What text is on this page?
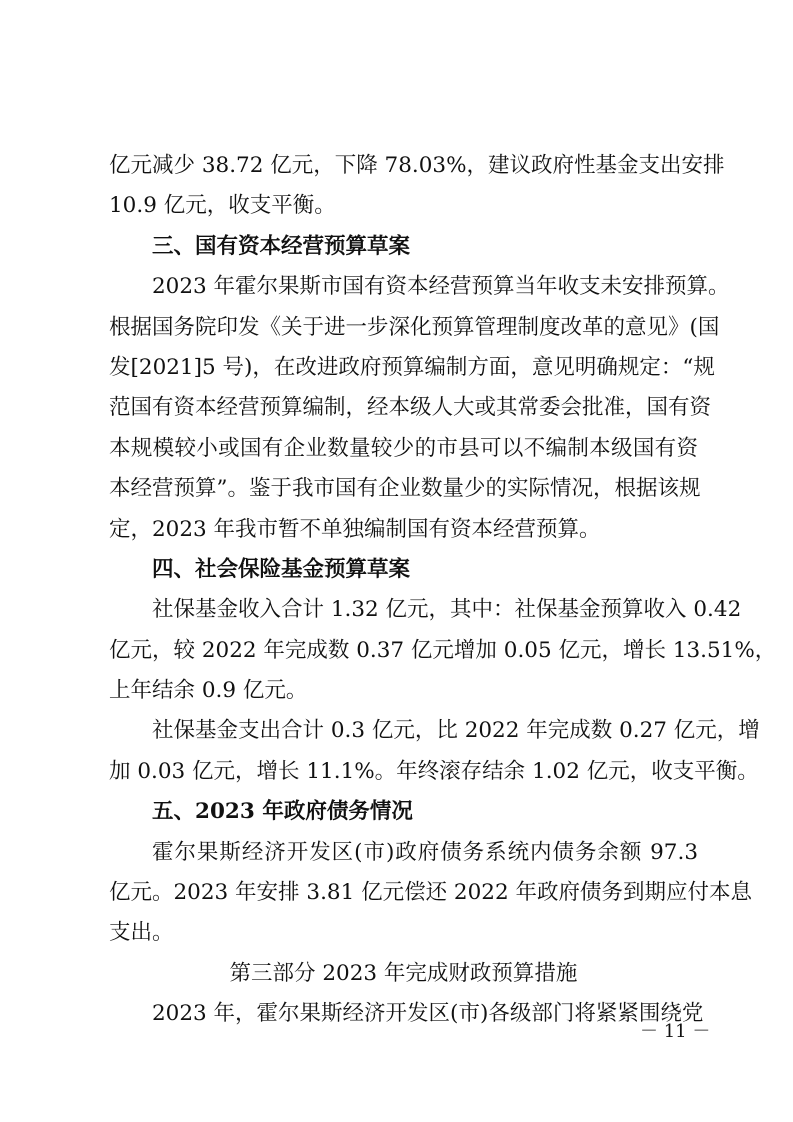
亿元减少 38.72 亿元，下降 78.03%，建议政府性基金支出安排
10.9 亿元，收支平衡。
三、国有资本经营预算草案
2023 年霍尔果斯市国有资本经营预算当年收支未安排预算。
根据国务院印发《关于进一步深化预算管理制度改革的意见》(国
发[2021]5 号)，在改进政府预算编制方面，意见明确规定：“规
范国有资本经营预算编制，经本级人大或其常委会批准，国有资
本规模较小或国有企业数量较少的市县可以不编制本级国有资
本经营预算”。鉴于我市国有企业数量少的实际情况，根据该规
定，2023 年我市暂不单独编制国有资本经营预算。
四、社会保险基金预算草案
社保基金收入合计 1.32 亿元，其中：社保基金预算收入 0.42
亿元，较 2022 年完成数 0.37 亿元增加 0.05 亿元，增长 13.51%，
上年结余 0.9 亿元。
社保基金支出合计 0.3 亿元，比 2022 年完成数 0.27 亿元，增
加 0.03 亿元，增长 11.1%。年终滚存结余 1.02 亿元，收支平衡。
五、2023 年政府债务情况
霍尔果斯经济开发区(市)政府债务系统内债务余额 97.3
亿元。2023 年安排 3.81 亿元偿还 2022 年政府债务到期应付本息
支出。
第三部分 2023 年完成财政预算措施
2023 年，霍尔果斯经济开发区(市)各级部门将紧紧围绕党
－ 11 －
